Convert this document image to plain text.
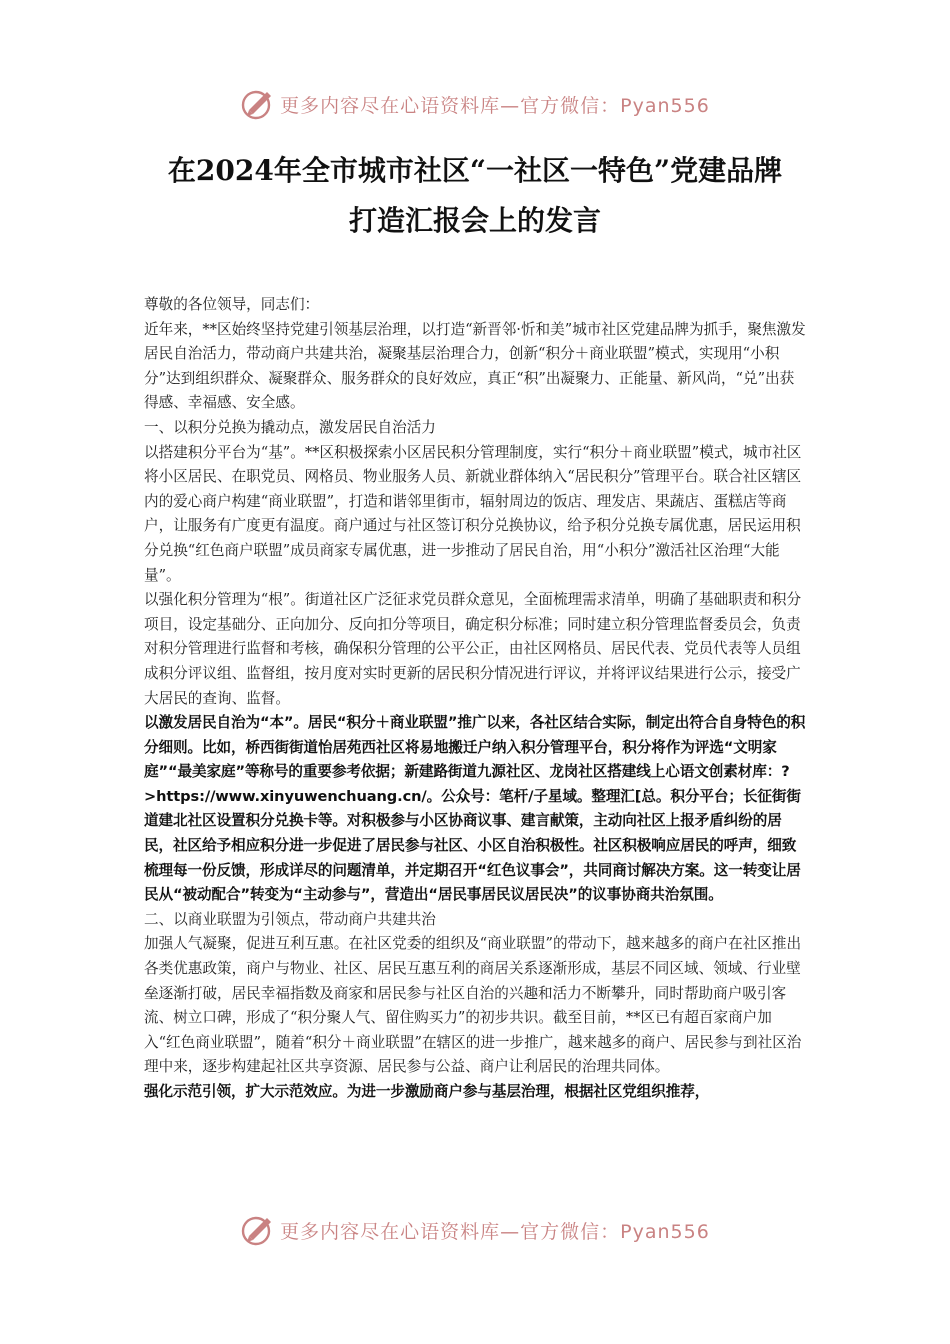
更多内容尽在心语资料库—官方微信：Pyan556
在2024年全市城市社区“一社区一特色”党建品牌
打造汇报会上的发言

尊敬的各位领导，同志们：

近年来，**区始终坚持党建引领基层治理，以打造“新晋邻·忻和美”城市社区党建品牌为抓手，聚焦激发居民自治活力，带动商户共建共治，凝聚基层治理合力，创新“积分＋商业联盟”模式，实现用“小积分”达到组织群众、凝聚群众、服务群众的良好效应，真正“积”出凝聚力、正能量、新风尚，“兑”出获得感、幸福感、安全感。

一、以积分兑换为撬动点，激发居民自治活力

以搭建积分平台为“基”。**区积极探索小区居民积分管理制度，实行“积分＋商业联盟”模式，城市社区将小区居民、在职党员、网格员、物业服务人员、新就业群体纳入“居民积分”管理平台。联合社区辖区内的爱心商户构建“商业联盟”，打造和谐邻里街市，辐射周边的饭店、理发店、果蔬店、蛋糕店等商户，让服务有广度更有温度。商户通过与社区签订积分兑换协议，给予积分兑换专属优惠，居民运用积分兑换“红色商户联盟”成员商家专属优惠，进一步推动了居民自治，用“小积分”激活社区治理“大能量”。

以强化积分管理为“根”。街道社区广泛征求党员群众意见，全面梳理需求清单，明确了基础职责和积分项目，设定基础分、正向加分、反向扣分等项目，确定积分标准；同时建立积分管理监督委员会，负责对积分管理进行监督和考核，确保积分管理的公平公正，由社区网格员、居民代表、党员代表等人员组成积分评议组、监督组，按月度对实时更新的居民积分情况进行评议，并将评议结果进行公示，接受广大居民的查询、监督。

以激发居民自治为“本”。居民“积分＋商业联盟”推广以来，各社区结合实际，制定出符合自身特色的积分细则。比如，桥西街街道怡居苑西社区将易地搬迁户纳入积分管理平台，积分将作为评选“文明家庭”“最美家庭”等称号的重要参考依据；新建路街道九源社区、龙岗社区搭建线上心语文创素材库：?>https://www.xinyuwenchuang.cn/。公众号：笔杆/子星域。整理汇[总。积分平台；长征街街道建北社区设置积分兑换卡等。对积极参与小区协商议事、建言献策，主动向社区上报矛盾纠纷的居民，社区给予相应积分进一步促进了居民参与社区、小区自治积极性。社区积极响应居民的呼声，细致梳理每一份反馈，形成详尽的问题清单，并定期召开“红色议事会”，共同商讨解决方案。这一转变让居民从“被动配合”转变为“主动参与”，营造出“居民事居民议居民决”的议事协商共治氛围。

二、以商业联盟为引领点，带动商户共建共治

加强人气凝聚，促进互利互惠。在社区党委的组织及“商业联盟”的带动下，越来越多的商户在社区推出各类优惠政策，商户与物业、社区、居民互惠互利的商居关系逐渐形成，基层不同区域、领域、行业壁垒逐渐打破，居民幸福指数及商家和居民参与社区自治的兴趣和活力不断攀升，同时帮助商户吸引客流、树立口碑，形成了“积分聚人气、留住购买力”的初步共识。截至目前，**区已有超百家商户加入“红色商业联盟”，随着“积分＋商业联盟”在辖区的进一步推广，越来越多的商户、居民参与到社区治理中来，逐步构建起社区共享资源、居民参与公益、商户让利居民的治理共同体。

强化示范引领，扩大示范效应。为进一步激励商户参与基层治理，根据社区党组织推荐，

更多内容尽在心语资料库—官方微信：Pyan556
